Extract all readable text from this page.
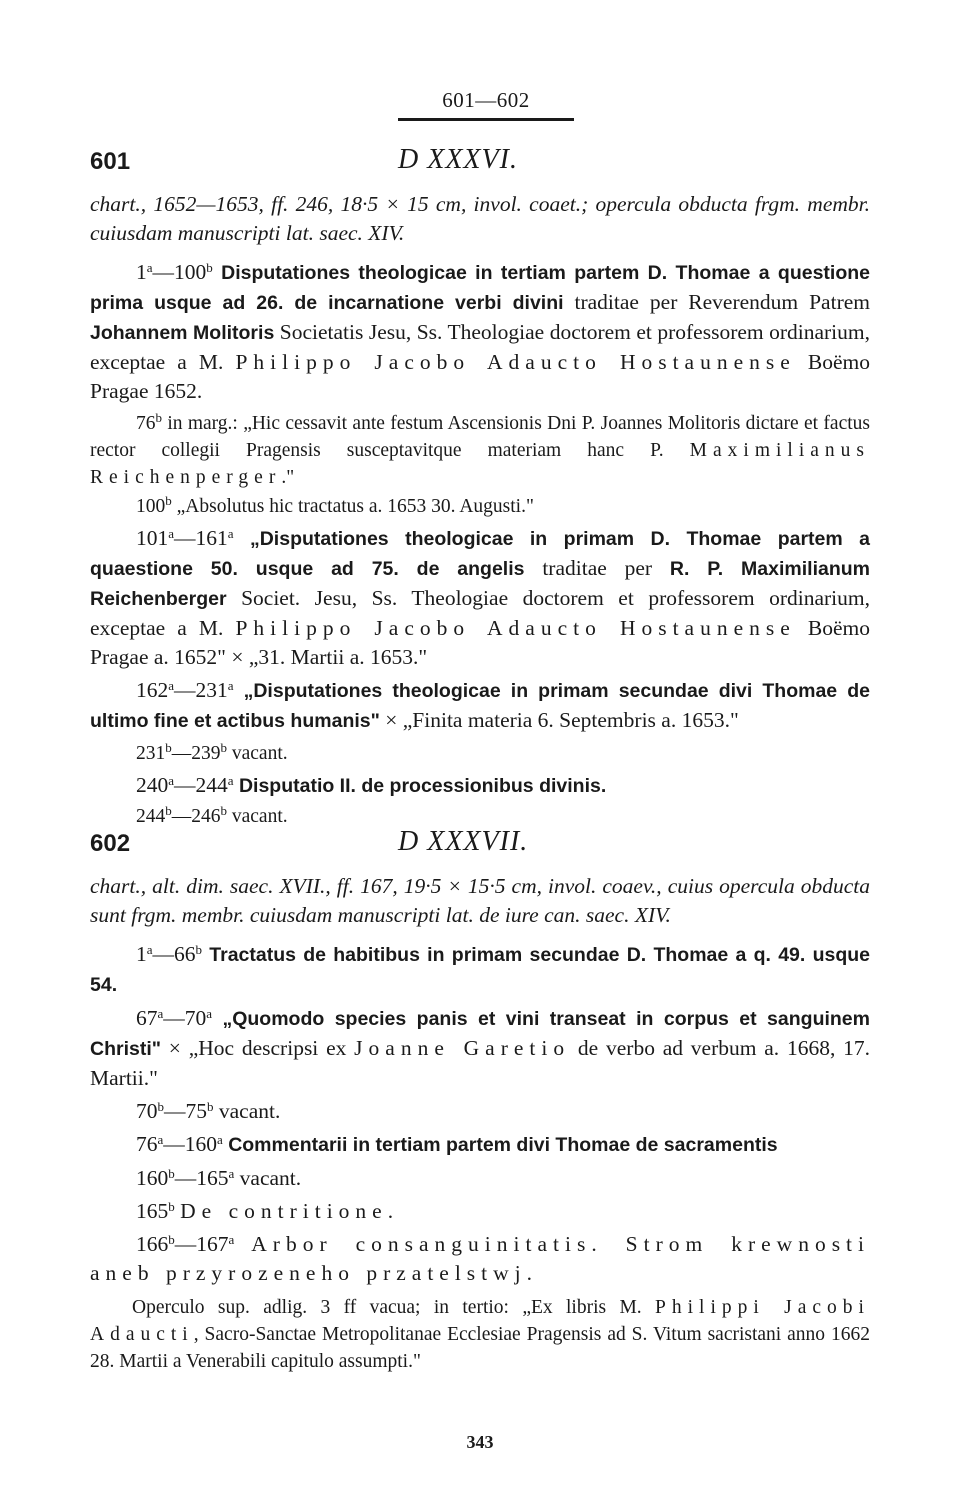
601—602
601	D XXXVI.

chart., 1652—1653, ff. 246, 18·5 × 15 cm, invol. coaet.; opercula obducta frgm. membr. cuiusdam manuscripti lat. saec. XIV.

1$^a$—100$^b$ Disputationes theologicae in tertiam partem D. Thomae a questione prima usque ad 26. de incarnatione verbi divini traditae per Reverendum Patrem Johannem Molitoris Societatis Jesu, Ss. Theologiae doctorem et professorem ordinarium, exceptae a M. Philippo Jacobo Adaucto Hostaunense Boëmo Pragae 1652.

76$^b$ in marg.: „Hic cessavit ante festum Ascensionis Dni P. Joannes Molitoris dictare et factus rector collegii Pragensis susceptavitque materiam hanc P. Maximilianus Reichenperger."

100$^b$ „Absolutus hic tractatus a. 1653 30. Augusti."

101$^a$—161$^a$ „Disputationes theologicae in primam D. Thomae partem a quaestione 50. usque ad 75. de angelis traditae per R. P. Maximilianum Reichenberger Societ. Jesu, Ss. Theologiae doctorem et professorem ordinarium, exceptae a M. Philippo Jacobo Adaucto Hostaunense Boëmo Pragae a. 1652" × „31. Martii a. 1653."

162$^a$—231$^a$ „Disputationes theologicae in primam secundae divi Thomae de ultimo fine et actibus humanis" × „Finita materia 6. Septembris a. 1653."

231$^b$—239$^b$ vacant.

240$^a$—244$^a$ Disputatio II. de processionibus divinis.

244$^b$—246$^b$ vacant.

602	D XXXVII.

chart., alt. dim. saec. XVII., ff. 167, 19·5 × 15·5 cm, invol. coaev., cuius opercula obducta sunt frgm. membr. cuiusdam manuscripti lat. de iure can. saec. XIV.

1$^a$—66$^b$ Tractatus de habitibus in primam secundae D. Thomae a q. 49. usque 54.

67$^a$—70$^a$ „Quomodo species panis et vini transeat in corpus et sanguinem Christi" × „Hoc descripsi ex Joanne Garetio de verbo ad verbum a. 1668, 17. Martii."

70$^b$—75$^b$ vacant.

76$^a$—160$^a$ Commentarii in tertiam partem divi Thomae de sacramentis

160$^b$—165$^a$ vacant.

165$^b$ De contritione.

166$^b$—167$^a$ Arbor consanguinitatis. Strom krewnosti aneb przyrozeneho przatelstwj.

Operculo sup. adlig. 3 ff vacua; in tertio: „Ex libris M. Philippi Jacobi Adaucti, Sacro-Sanctae Metropolitanae Ecclesiae Pragensis ad S. Vitum sacristani anno 1662 28. Martii a Venerabili capitulo assumpti."

343
